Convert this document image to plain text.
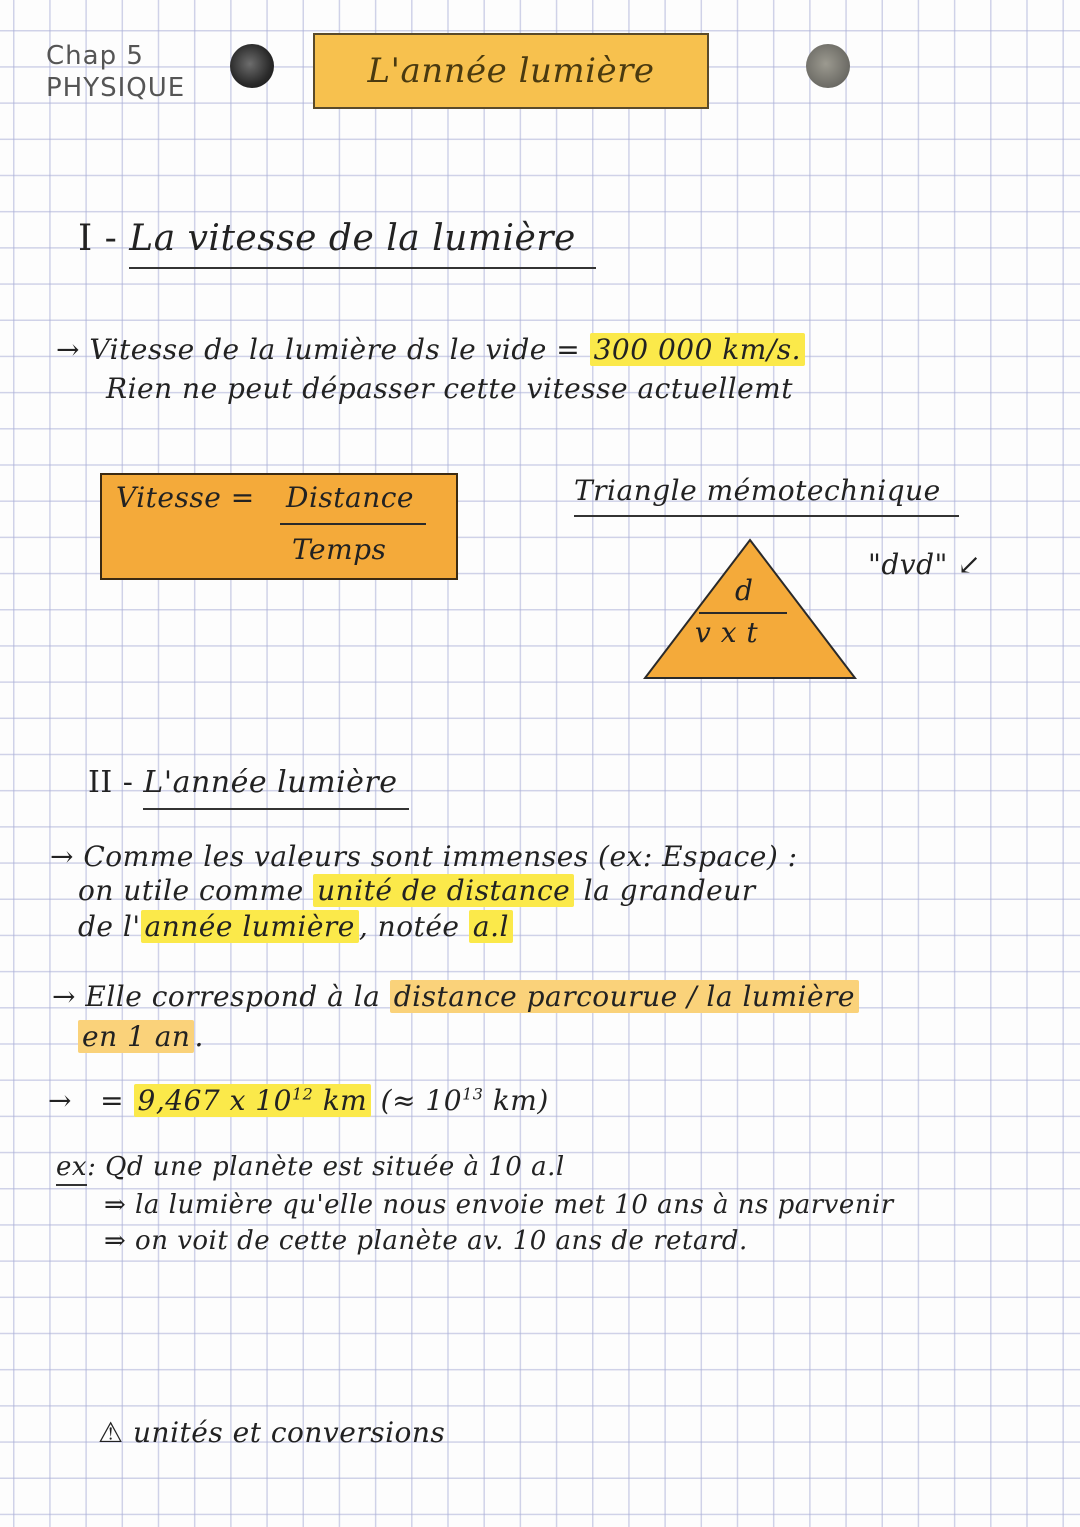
Chap 5
PHYSIQUE	L'année lumière
I - La vitesse de la lumière
→ Vitesse de la lumière ds le vide = 300 000 km/s.
Rien ne peut dépasser cette vitesse actuellemt
Vitesse = Distance
Temps
Triangle mémotechnique
d
v x t
"dvd" ↙
II - L'année lumière
→ Comme les valeurs sont immenses (ex: Espace) :
on utile comme unité de distance la grandeur
de l' année lumière , notée a.l
→ Elle correspond à la distance parcourue / la lumière
en 1 an .
→ = 9,467 x $10^{12}$ km (≈ $10^{13}$ km)
ex: Qd une planète est située à 10 a.l
⇒ la lumière qu'elle nous envoie met 10 ans à ns parvenir
⇒ on voit de cette planète av. 10 ans de retard.
⚠ unités et conversions
